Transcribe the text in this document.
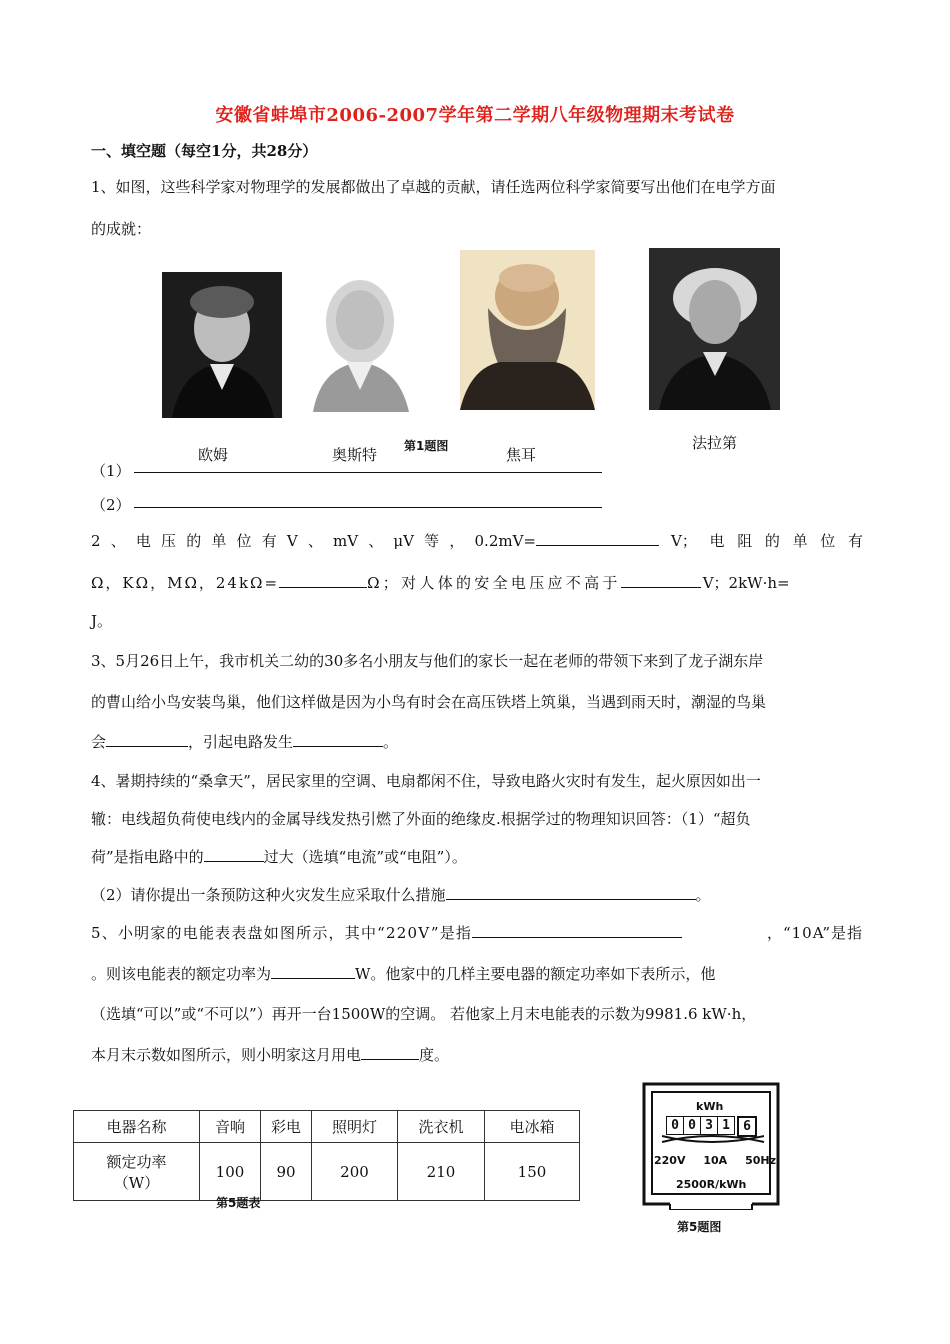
安徽省蚌埠市2006-2007学年第二学期八年级物理期末考试卷
一、填空题（每空1分，共28分）
1、如图，这些科学家对物理学的发展都做出了卓越的贡献，请任选两位科学家简要写出他们在电学方面
的成就：
欧姆	奥斯特 第1题图	焦耳
法拉第
（1）
（2）
2、电压的单位有V、mV、μV等，0.2mV=	V；电阻的单位有
Ω，KΩ，MΩ，24kΩ=	Ω；对人体的安全电压应不高于	V；2kW·h=
J。
3、5月26日上午，我市机关二幼的30多名小朋友与他们的家长一起在老师的带领下来到了龙子湖东岸
的曹山给小鸟安装鸟巢，他们这样做是因为小鸟有时会在高压铁塔上筑巢，当遇到雨天时，潮湿的鸟巢
会	，引起电路发生	。
4、暑期持续的“桑拿天”，居民家里的空调、电扇都闲不住，导致电路火灾时有发生，起火原因如出一
辙：电线超负荷使电线内的金属导线发热引燃了外面的绝缘皮.根据学过的物理知识回答：（1）“超负
荷”是指电路中的	过大（选填“电流”或“电阻”）。
（2）请你提出一条预防这种火灾发生应采取什么措施	。
5、小明家的电能表表盘如图所示，其中“220V”是指	，“10A”是指
。则该电能表的额定功率为	W。他家中的几样主要电器的额定功率如下表所示，他
（选填“可以”或“不可以”）再开一台1500W的空调。 若他家上月末电能表的示数为9981.6 kW·h，
本月末示数如图所示，则小明家这月用电	度。
电器名称	音响	彩电	照明灯	洗衣机	电冰箱

额定功率
（W）	100	90	200	210	150
第5题表
kWh
0 0 3 1	6
220V 10A 50Hz
2500R/kWh
第5题图
